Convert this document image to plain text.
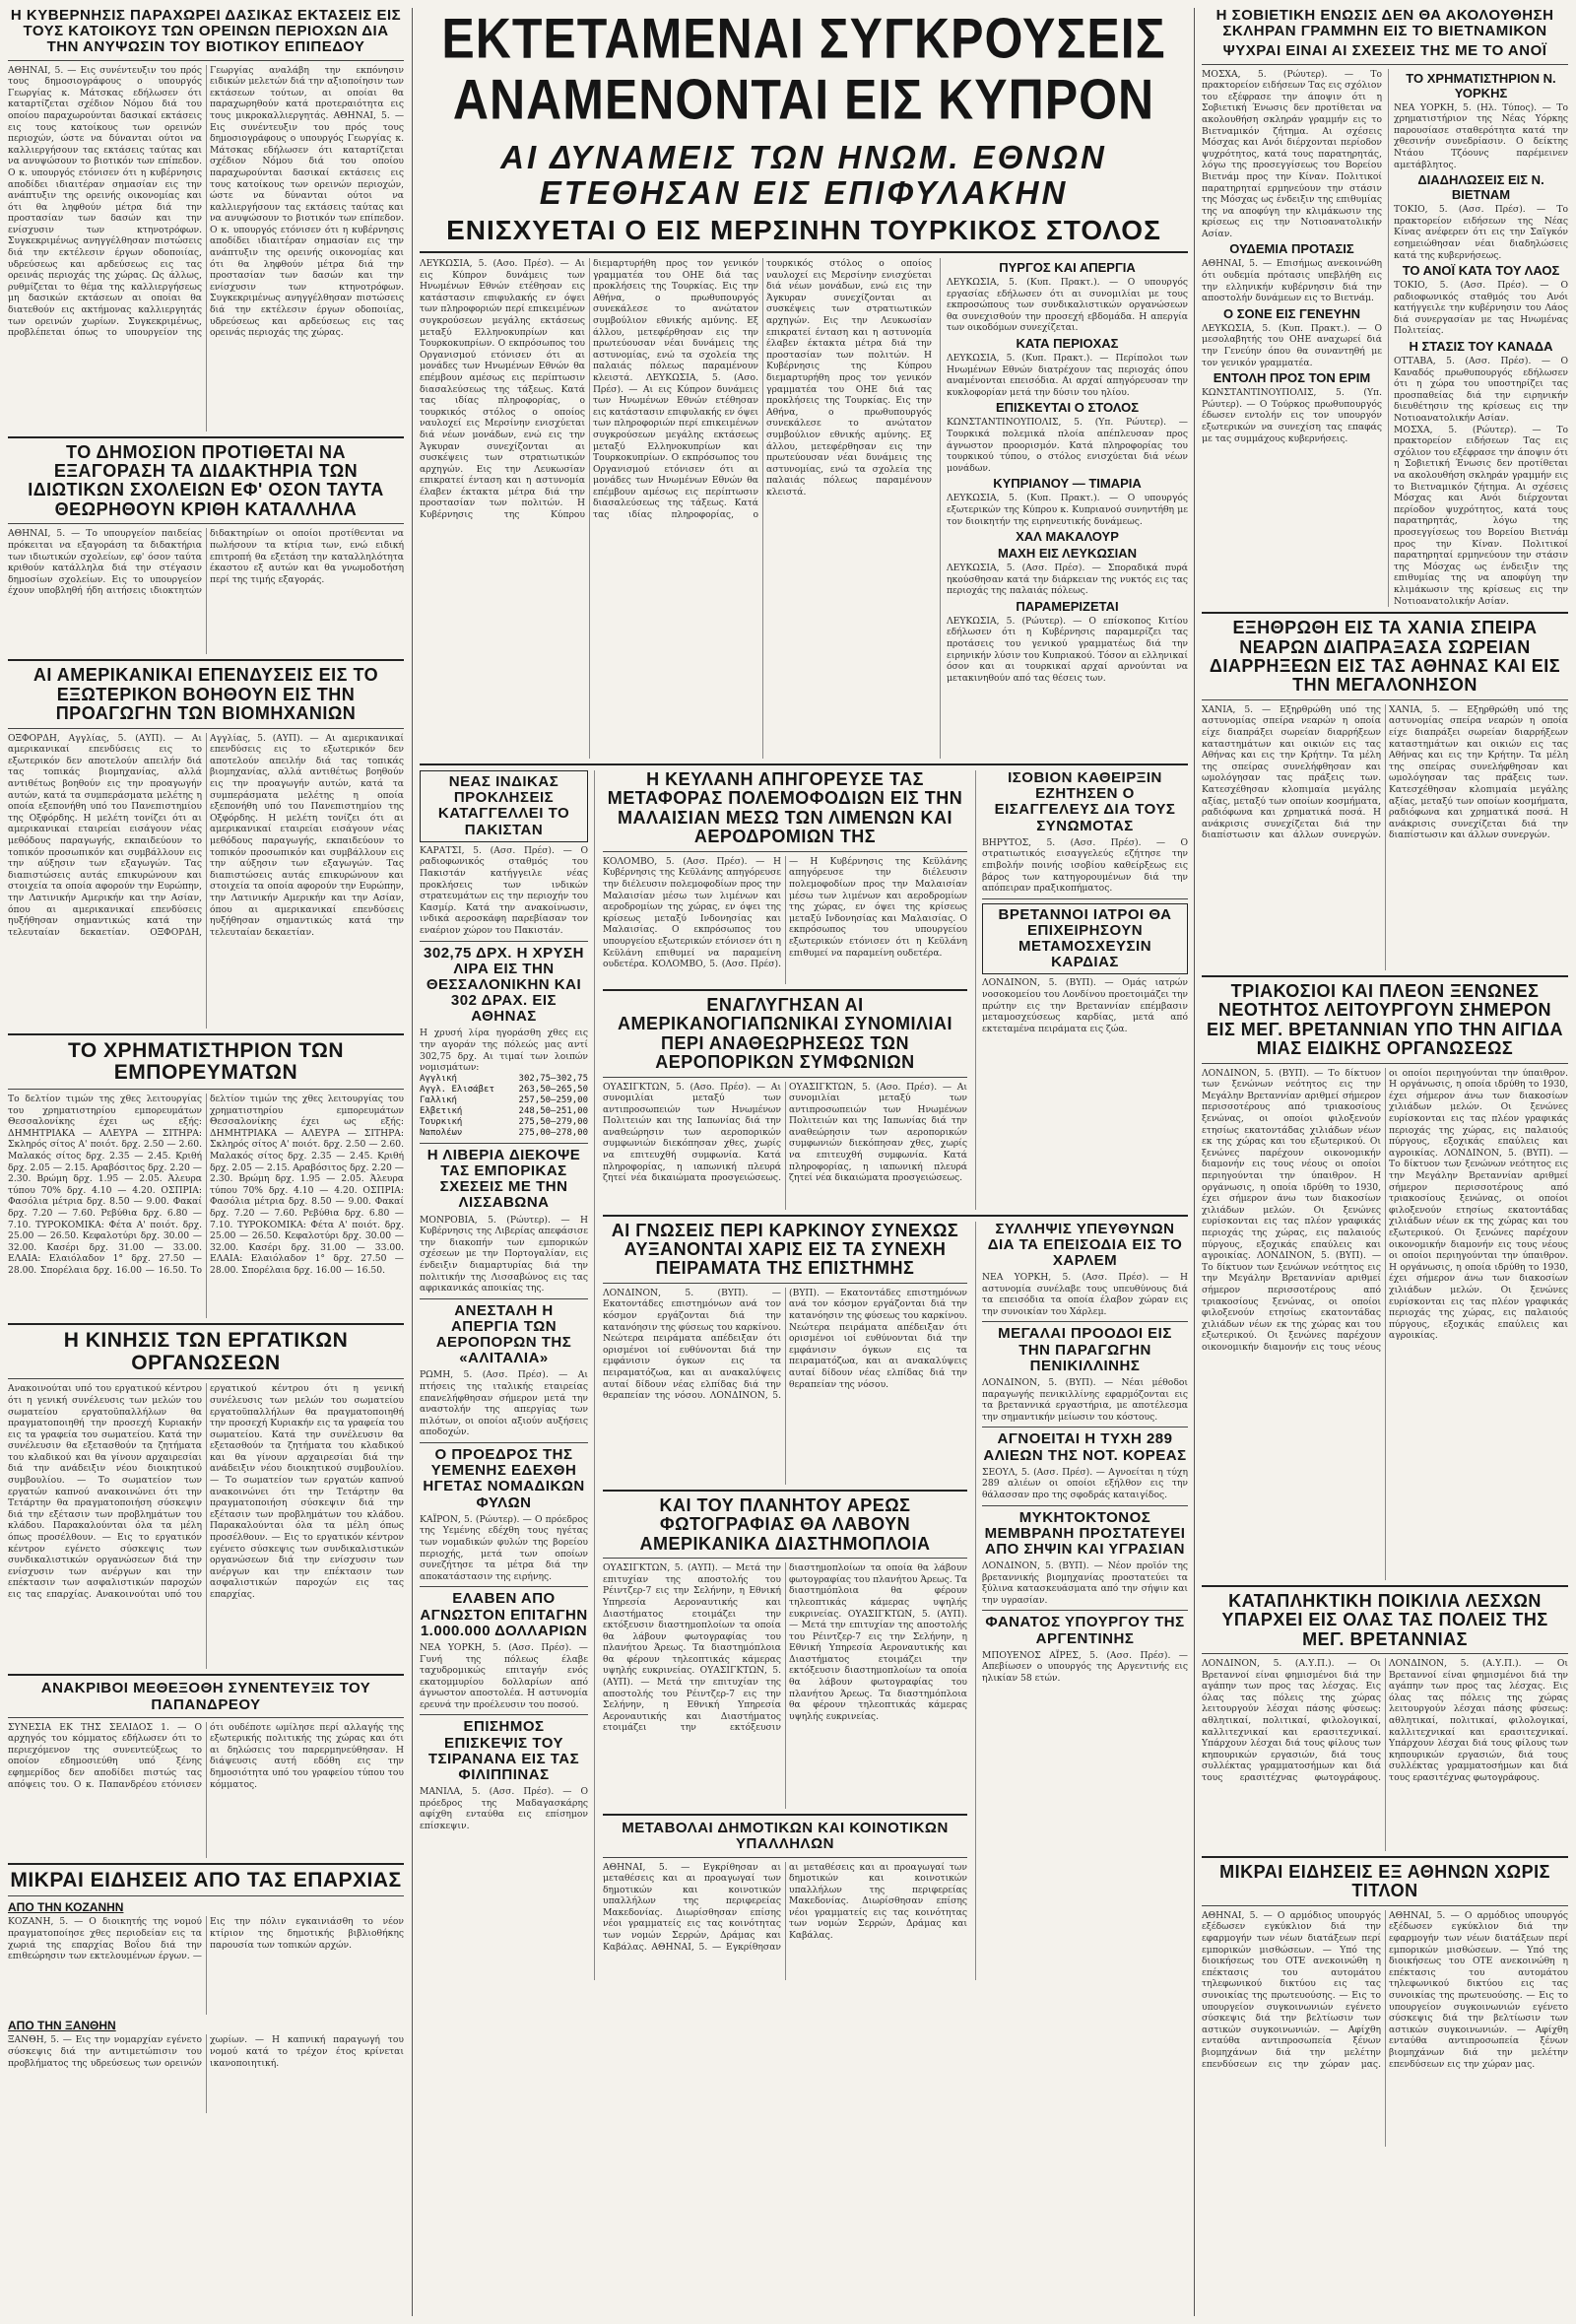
Η ΚΥΒΕΡΝΗΣΙΣ ΠΑΡΑΧΩΡΕΙ ΔΑΣΙΚΑΣ ΕΚΤΑΣΕΙΣ ΕΙΣ ΤΟΥΣ ΚΑΤΟΙΚΟΥΣ ΤΩΝ ΟΡΕΙΝΩΝ ΠΕΡΙΟΧΩΝ ΔΙΑ ΤΗΝ ΑΝΥΨΩΣΙΝ ΤΟΥ ΒΙΟΤΙΚΟΥ ΕΠΙΠΕΔΟΥ
ΑΘΗΝΑΙ, 5. — Εις συνέντευξιν του πρός τους δημοσιογράφους ο υπουργός Γεωργίας κ. Μάτσκας εδήλωσεν ότι καταρτίζεται σχέδιον Νόμου διά του οποίου παραχωρούνται δασικαί εκτάσεις εις τους κατοίκους των ορεινών περιοχών, ώστε να δύνανται ούτοι να καλλιεργήσουν τας εκτάσεις ταύτας και να ανυψώσουν το βιοτικόν των επίπεδον. Ο κ. υπουργός ετόνισεν ότι η κυβέρνησις αποδίδει ιδιαιτέραν σημασίαν εις την ανάπτυξιν της ορεινής οικονομίας και ότι θα ληφθούν μέτρα διά την προστασίαν των δασών και την ενίσχυσιν των κτηνοτρόφων. Συγκεκριμένως ανηγγέλθησαν πιστώσεις διά την εκτέλεσιν έργων οδοποιίας, υδρεύσεως και αρδεύσεως εις τας ορεινάς περιοχάς της χώρας. Ως άλλως, ρυθμίζεται το θέμα της καλλιεργήσεως μη δασικών εκτάσεων αι οποίαι θα διατεθούν εις ακτήμονας καλλιεργητάς των ορεινών χωρίων. Συγκεκριμένως, προβλέπεται όπως το υπουργείον της Γεωργίας αναλάβη την εκπόνησιν ειδικών μελετών διά την αξιοποίησιν των εκτάσεων τούτων, αι οποίαι θα παραχωρηθούν κατά προτεραιότητα εις τους μικροκαλλιεργητάς. ΑΘΗΝΑΙ, 5. — Εις συνέντευξιν του πρός τους δημοσιογράφους ο υπουργός Γεωργίας κ. Μάτσκας εδήλωσεν ότι καταρτίζεται σχέδιον Νόμου διά του οποίου παραχωρούνται δασικαί εκτάσεις εις τους κατοίκους των ορεινών περιοχών, ώστε να δύνανται ούτοι να καλλιεργήσουν τας εκτάσεις ταύτας και να ανυψώσουν το βιοτικόν των επίπεδον. Ο κ. υπουργός ετόνισεν ότι η κυβέρνησις αποδίδει ιδιαιτέραν σημασίαν εις την ανάπτυξιν της ορεινής οικονομίας και ότι θα ληφθούν μέτρα διά την προστασίαν των δασών και την ενίσχυσιν των κτηνοτρόφων. Συγκεκριμένως ανηγγέλθησαν πιστώσεις διά την εκτέλεσιν έργων οδοποιίας, υδρεύσεως και αρδεύσεως εις τας ορεινάς περιοχάς της χώρας.
ΤΟ ΔΗΜΟΣΙΟΝ ΠΡΟΤΙΘΕΤΑΙ ΝΑ ΕΞΑΓΟΡΑΣΗ ΤΑ ΔΙΔΑΚΤΗΡΙΑ ΤΩΝ ΙΔΙΩΤΙΚΩΝ ΣΧΟΛΕΙΩΝ ΕΦ' ΟΣΟΝ ΤΑΥΤΑ ΘΕΩΡΗΘΟΥΝ ΚΡΙΘΗ ΚΑΤΑΛΛΗΛΑ
ΑΘΗΝΑΙ, 5. — Το υπουργείον παιδείας πρόκειται να εξαγοράση τα διδακτήρια των ιδιωτικών σχολείων, εφ' όσον ταύτα κριθούν κατάλληλα διά την στέγασιν δημοσίων σχολείων. Εις το υπουργείον έχουν υποβληθή ήδη αιτήσεις ιδιοκτητών διδακτηρίων οι οποίοι προτίθενται να πωλήσουν τα κτίρια των, ενώ ειδική επιτροπή θα εξετάση την καταλληλότητα έκαστου εξ αυτών και θα γνωμοδοτήση περί της τιμής εξαγοράς.
ΑΙ ΑΜΕΡΙΚΑΝΙΚΑΙ ΕΠΕΝΔΥΣΕΙΣ ΕΙΣ ΤΟ ΕΞΩΤΕΡΙΚΟΝ ΒΟΗΘΟΥΝ ΕΙΣ ΤΗΝ ΠΡΟΑΓΩΓΗΝ ΤΩΝ ΒΙΟΜΗΧΑΝΙΩΝ
ΟΞΦΟΡΔΗ, Αγγλίας, 5. (ΑΥΠ). — Αι αμερικανικαί επενδύσεις εις το εξωτερικόν δεν αποτελούν απειλήν διά τας τοπικάς βιομηχανίας, αλλά αντιθέτως βοηθούν εις την προαγωγήν αυτών, κατά τα συμπεράσματα μελέτης η οποία εξεπονήθη υπό του Πανεπιστημίου της Οξφόρδης. Η μελέτη τονίζει ότι αι αμερικανικαί εταιρείαι εισάγουν νέας μεθόδους παραγωγής, εκπαιδεύουν το τοπικόν προσωπικόν και συμβάλλουν εις την αύξησιν των εξαγωγών. Τας διαπιστώσεις αυτάς επικυρώνουν και στοιχεία τα οποία αφορούν την Ευρώπην, την Λατινικήν Αμερικήν και την Ασίαν, όπου αι αμερικανικαί επενδύσεις ηυξήθησαν σημαντικώς κατά την τελευταίαν δεκαετίαν. ΟΞΦΟΡΔΗ, Αγγλίας, 5. (ΑΥΠ). — Αι αμερικανικαί επενδύσεις εις το εξωτερικόν δεν αποτελούν απειλήν διά τας τοπικάς βιομηχανίας, αλλά αντιθέτως βοηθούν εις την προαγωγήν αυτών, κατά τα συμπεράσματα μελέτης η οποία εξεπονήθη υπό του Πανεπιστημίου της Οξφόρδης. Η μελέτη τονίζει ότι αι αμερικανικαί εταιρείαι εισάγουν νέας μεθόδους παραγωγής, εκπαιδεύουν το τοπικόν προσωπικόν και συμβάλλουν εις την αύξησιν των εξαγωγών. Τας διαπιστώσεις αυτάς επικυρώνουν και στοιχεία τα οποία αφορούν την Ευρώπην, την Λατινικήν Αμερικήν και την Ασίαν, όπου αι αμερικανικαί επενδύσεις ηυξήθησαν σημαντικώς κατά την τελευταίαν δεκαετίαν.
ΤΟ ΧΡΗΜΑΤΙΣΤΗΡΙΟΝ ΤΩΝ ΕΜΠΟΡΕΥΜΑΤΩΝ
Το δελτίον τιμών της χθες λειτουργίας του χρηματιστηρίου εμπορευμάτων Θεσσαλονίκης έχει ως εξής: ΔΗΜΗΤΡΙΑΚΑ — ΑΛΕΥΡΑ — ΣΙΤΗΡΑ: Σκληρός σίτος Α' ποιότ. δρχ. 2.50 — 2.60. Μαλακός σίτος δρχ. 2.35 — 2.45. Κριθή δρχ. 2.05 — 2.15. Αραβόσιτος δρχ. 2.20 — 2.30. Βρώμη δρχ. 1.95 — 2.05. Άλευρα τύπου 70% δρχ. 4.10 — 4.20. ΟΣΠΡΙΑ: Φασόλια μέτρια δρχ. 8.50 — 9.00. Φακαί δρχ. 7.20 — 7.60. Ρεβύθια δρχ. 6.80 — 7.10. ΤΥΡΟΚΟΜΙΚΑ: Φέτα Α' ποιότ. δρχ. 25.00 — 26.50. Κεφαλοτύρι δρχ. 30.00 — 32.00. Κασέρι δρχ. 31.00 — 33.00. ΕΛΑΙΑ: Ελαιόλαδον 1° δρχ. 27.50 — 28.00. Σπορέλαια δρχ. 16.00 — 16.50. Το δελτίον τιμών της χθες λειτουργίας του χρηματιστηρίου εμπορευμάτων Θεσσαλονίκης έχει ως εξής: ΔΗΜΗΤΡΙΑΚΑ — ΑΛΕΥΡΑ — ΣΙΤΗΡΑ: Σκληρός σίτος Α' ποιότ. δρχ. 2.50 — 2.60. Μαλακός σίτος δρχ. 2.35 — 2.45. Κριθή δρχ. 2.05 — 2.15. Αραβόσιτος δρχ. 2.20 — 2.30. Βρώμη δρχ. 1.95 — 2.05. Άλευρα τύπου 70% δρχ. 4.10 — 4.20. ΟΣΠΡΙΑ: Φασόλια μέτρια δρχ. 8.50 — 9.00. Φακαί δρχ. 7.20 — 7.60. Ρεβύθια δρχ. 6.80 — 7.10. ΤΥΡΟΚΟΜΙΚΑ: Φέτα Α' ποιότ. δρχ. 25.00 — 26.50. Κεφαλοτύρι δρχ. 30.00 — 32.00. Κασέρι δρχ. 31.00 — 33.00. ΕΛΑΙΑ: Ελαιόλαδον 1° δρχ. 27.50 — 28.00. Σπορέλαια δρχ. 16.00 — 16.50.
Η ΚΙΝΗΣΙΣ ΤΩΝ ΕΡΓΑΤΙΚΩΝ ΟΡΓΑΝΩΣΕΩΝ
Ανακοινούται υπό του εργατικού κέντρου ότι η γενική συνέλευσις των μελών του σωματείου εργατοϋπαλλήλων θα πραγματοποιηθή την προσεχή Κυριακήν εις τα γραφεία του σωματείου. Κατά την συνέλευσιν θα εξετασθούν τα ζητήματα του κλαδικού και θα γίνουν αρχαιρεσίαι διά την ανάδειξιν νέου διοικητικού συμβουλίου. — Το σωματείον των εργατών καπνού ανακοινώνει ότι την Τετάρτην θα πραγματοποιήση σύσκεψιν διά την εξέτασιν των προβλημάτων του κλάδου. Παρακαλούνται όλα τα μέλη όπως προσέλθουν. — Εις το εργατικόν κέντρον εγένετο σύσκεψις των συνδικαλιστικών οργανώσεων διά την ενίσχυσιν των ανέργων και την επέκτασιν των ασφαλιστικών παροχών εις τας επαρχίας. Ανακοινούται υπό του εργατικού κέντρου ότι η γενική συνέλευσις των μελών του σωματείου εργατοϋπαλλήλων θα πραγματοποιηθή την προσεχή Κυριακήν εις τα γραφεία του σωματείου. Κατά την συνέλευσιν θα εξετασθούν τα ζητήματα του κλαδικού και θα γίνουν αρχαιρεσίαι διά την ανάδειξιν νέου διοικητικού συμβουλίου. — Το σωματείον των εργατών καπνού ανακοινώνει ότι την Τετάρτην θα πραγματοποιήση σύσκεψιν διά την εξέτασιν των προβλημάτων του κλάδου. Παρακαλούνται όλα τα μέλη όπως προσέλθουν. — Εις το εργατικόν κέντρον εγένετο σύσκεψις των συνδικαλιστικών οργανώσεων διά την ενίσχυσιν των ανέργων και την επέκτασιν των ασφαλιστικών παροχών εις τας επαρχίας.
ΑΝΑΚΡΙΒΟΙ ΜΕΘΕΞΟΘΗ ΣΥΝΕΝΤΕΥΞΙΣ ΤΟΥ ΠΑΠΑΝΔΡΕΟΥ
ΣΥΝΕΣΙΑ ΕΚ ΤΗΣ ΣΕΛΙΔΟΣ 1. — Ο αρχηγός του κόμματος εδήλωσεν ότι το περιεχόμενον της συνεντεύξεως το οποίον εδημοσιεύθη υπό ξένης εφημερίδος δεν αποδίδει πιστώς τας απόψεις του. Ο κ. Παπανδρέου ετόνισεν ότι ουδέποτε ωμίλησε περί αλλαγής της εξωτερικής πολιτικής της χώρας και ότι αι δηλώσεις του παρερμηνεύθησαν. Η διάψευσις αυτή εδόθη εις την δημοσιότητα υπό του γραφείου τύπου του κόμματος.
ΜΙΚΡΑΙ ΕΙΔΗΣΕΙΣ ΑΠΟ ΤΑΣ ΕΠΑΡΧΙΑΣ
ΑΠΟ ΤΗΝ ΚΟΖΑΝΗΝ
ΚΟΖΑΝΗ, 5. — Ο διοικητής της νομού πραγματοποίησε χθες περιοδείαν εις τα χωριά της επαρχίας Βοΐου διά την επιθεώρησιν των εκτελουμένων έργων. — Εις την πόλιν εγκαινιάσθη το νέον κτίριον της δημοτικής βιβλιοθήκης παρουσία των τοπικών αρχών.
ΑΠΟ ΤΗΝ ΞΑΝΘΗΝ
ΞΑΝΘΗ, 5. — Εις την νομαρχίαν εγένετο σύσκεψις διά την αντιμετώπισιν του προβλήματος της υδρεύσεως των ορεινών χωρίων. — Η καπνική παραγωγή του νομού κατά το τρέχον έτος κρίνεται ικανοποιητική.
ΕΚΤΕΤΑΜΕΝΑΙ ΣΥΓΚΡΟΥΣΕΙΣ
ΑΝΑΜΕΝΟΝΤΑΙ ΕΙΣ ΚΥΠΡΟΝ
ΑΙ ΔΥΝΑΜΕΙΣ ΤΩΝ ΗΝΩΜ. ΕΘΝΩΝ
ΕΤΕΘΗΣΑΝ ΕΙΣ ΕΠΙΦΥΛΑΚΗΝ
ΕΝΙΣΧΥΕΤΑΙ Ο ΕΙΣ ΜΕΡΣΙΝΗΝ ΤΟΥΡΚΙΚΟΣ ΣΤΟΛΟΣ
ΛΕΥΚΩΣΙΑ, 5. (Ασο. Πρέσ). — Αι εις Κύπρον δυνάμεις των Ηνωμένων Εθνών ετέθησαν εις κατάστασιν επιφυλακής εν όψει των πληροφοριών περί επικειμένων συγκρούσεων μεγάλης εκτάσεως μεταξύ Ελληνοκυπρίων και Τουρκοκυπρίων. Ο εκπρόσωπος του Οργανισμού ετόνισεν ότι αι μονάδες των Ηνωμένων Εθνών θα επέμβουν αμέσως εις περίπτωσιν διασαλεύσεως της τάξεως. Κατά τας ιδίας πληροφορίας, ο τουρκικός στόλος ο οποίος ναυλοχεί εις Μερσίνην ενισχύεται διά νέων μονάδων, ενώ εις την Άγκυραν συνεχίζονται αι συσκέψεις των στρατιωτικών αρχηγών. Εις την Λευκωσίαν επικρατεί ένταση και η αστυνομία έλαβεν έκτακτα μέτρα διά την προστασίαν των πολιτών. Η Κυβέρνησις της Κύπρου διεμαρτυρήθη προς τον γενικόν γραμματέα του ΟΗΕ διά τας προκλήσεις της Τουρκίας. Εις την Αθήνα, ο πρωθυπουργός συνεκάλεσε το ανώτατον συμβούλιον εθνικής αμύνης. Εξ άλλου, μετεφέρθησαν εις την πρωτεύουσαν νέαι δυνάμεις της αστυνομίας, ενώ τα σχολεία της παλαιάς πόλεως παραμένουν κλειστά. ΛΕΥΚΩΣΙΑ, 5. (Ασο. Πρέσ). — Αι εις Κύπρον δυνάμεις των Ηνωμένων Εθνών ετέθησαν εις κατάστασιν επιφυλακής εν όψει των πληροφοριών περί επικειμένων συγκρούσεων μεγάλης εκτάσεως μεταξύ Ελληνοκυπρίων και Τουρκοκυπρίων. Ο εκπρόσωπος του Οργανισμού ετόνισεν ότι αι μονάδες των Ηνωμένων Εθνών θα επέμβουν αμέσως εις περίπτωσιν διασαλεύσεως της τάξεως. Κατά τας ιδίας πληροφορίας, ο τουρκικός στόλος ο οποίος ναυλοχεί εις Μερσίνην ενισχύεται διά νέων μονάδων, ενώ εις την Άγκυραν συνεχίζονται αι συσκέψεις των στρατιωτικών αρχηγών. Εις την Λευκωσίαν επικρατεί ένταση και η αστυνομία έλαβεν έκτακτα μέτρα διά την προστασίαν των πολιτών. Η Κυβέρνησις της Κύπρου διεμαρτυρήθη προς τον γενικόν γραμματέα του ΟΗΕ διά τας προκλήσεις της Τουρκίας. Εις την Αθήνα, ο πρωθυπουργός συνεκάλεσε το ανώτατον συμβούλιον εθνικής αμύνης. Εξ άλλου, μετεφέρθησαν εις την πρωτεύουσαν νέαι δυνάμεις της αστυνομίας, ενώ τα σχολεία της παλαιάς πόλεως παραμένουν κλειστά.
ΠΥΡΓΟΣ ΚΑΙ ΑΠΕΡΓΙΑ
ΛΕΥΚΩΣΙΑ, 5. (Κυπ. Πρακτ.). — Ο υπουργός εργασίας εδήλωσεν ότι αι συνομιλίαι με τους εκπροσώπους των συνδικαλιστικών οργανώσεων θα συνεχισθούν την προσεχή εβδομάδα. Η απεργία των οικοδόμων συνεχίζεται.
ΚΑΤΑ ΠΕΡΙΟΧΑΣ
ΛΕΥΚΩΣΙΑ, 5. (Κυπ. Πρακτ.). — Περίπολοι των Ηνωμένων Εθνών διατρέχουν τας περιοχάς όπου αναμένονται επεισόδια. Αι αρχαί απηγόρευσαν την κυκλοφορίαν μετά την δύσιν του ηλίου.
ΕΠΙΣΚΕΥΤΑΙ Ο ΣΤΟΛΟΣ
ΚΩΝΣΤΑΝΤΙΝΟΥΠΟΛΙΣ, 5. (Υπ. Ρώυτερ). — Τουρκικά πολεμικά πλοία απέπλευσαν προς άγνωστον προορισμόν. Κατά πληροφορίας του τουρκικού τύπου, ο στόλος ενισχύεται διά νέων μονάδων.
ΚΥΠΡΙΑΝΟΥ — ΤΙΜΑΡΙΑ
ΛΕΥΚΩΣΙΑ, 5. (Κυπ. Πρακτ.). — Ο υπουργός εξωτερικών της Κύπρου κ. Κυπριανού συνηντήθη με τον διοικητήν της ειρηνευτικής δυνάμεως.
ΧΑΛ ΜΑΚΑΛΟΥΡ
ΜΑΧΗ ΕΙΣ ΛΕΥΚΩΣΙΑΝ
ΛΕΥΚΩΣΙΑ, 5. (Ασσ. Πρέσ). — Σποραδικά πυρά ηκούσθησαν κατά την διάρκειαν της νυκτός εις τας περιοχάς της παλαιάς πόλεως.
ΠΑΡΑΜΕΡΙΖΕΤΑΙ
ΛΕΥΚΩΣΙΑ, 5. (Ρώυτερ). — Ο επίσκοπος Κιτίου εδήλωσεν ότι η Κυβέρνησις παραμερίζει τας προτάσεις του γενικού γραμματέως διά την ειρηνικήν λύσιν του Κυπριακού. Τόσον αι ελληνικαί όσον και αι τουρκικαί αρχαί αρνούνται να μετακινηθούν από τας θέσεις των.
ΝΕΑΣ ΙΝΔΙΚΑΣ ΠΡΟΚΛΗΣΕΙΣ ΚΑΤΑΓΓΕΛΛΕΙ ΤΟ ΠΑΚΙΣΤΑΝ
ΚΑΡΑΤΣΙ, 5. (Ασσ. Πρέσ). — Ο ραδιοφωνικός σταθμός του Πακιστάν κατήγγειλε νέας προκλήσεις των ινδικών στρατευμάτων εις την περιοχήν του Κασμίρ. Κατά την ανακοίνωσιν, ινδικά αεροσκάφη παρεβίασαν τον εναέριον χώρον του Πακιστάν.
302,75 ΔΡΧ. Η ΧΡΥΣΗ ΛΙΡΑ ΕΙΣ ΤΗΝ ΘΕΣΣΑΛΟΝΙΚΗΝ ΚΑΙ 302 ΔΡΑΧ. ΕΙΣ ΑΘΗΝΑΣ
Η χρυσή λίρα ηγοράσθη χθες εις την αγοράν της πόλεώς μας αντί 302,75 δρχ. Αι τιμαί των λοιπών νομισμάτων:
Αγγλική	302,75—302,75
Αγγλ. Ελισάβετ	263,50—265,50
Γαλλική	257,50—259,00
Ελβετική	248,50—251,00
Τουρκική	275,50—279,00
Ναπολέων	275,00—278,00
Η ΛΙΒΕΡΙΑ ΔΙΕΚΟΨΕ ΤΑΣ ΕΜΠΟΡΙΚΑΣ ΣΧΕΣΕΙΣ ΜΕ ΤΗΝ ΛΙΣΣΑΒΩΝΑ
ΜΟΝΡΟΒΙΑ, 5. (Ρώυτερ). — Η Κυβέρνησις της Λιβερίας απεφάσισε την διακοπήν των εμπορικών σχέσεων με την Πορτογαλίαν, εις ένδειξιν διαμαρτυρίας διά την πολιτικήν της Λισσαβώνος εις τας αφρικανικάς αποικίας της.
ΑΝΕΣΤΑΛΗ Η ΑΠΕΡΓΙΑ ΤΩΝ ΑΕΡΟΠΟΡΩΝ ΤΗΣ «ΑΛΙΤΑΛΙΑ»
ΡΩΜΗ, 5. (Ασσ. Πρέσ). — Αι πτήσεις της ιταλικής εταιρείας επανελήφθησαν σήμερον μετά την αναστολήν της απεργίας των πιλότων, οι οποίοι αξιούν αυξήσεις αποδοχών.
Ο ΠΡΟΕΔΡΟΣ ΤΗΣ ΥΕΜΕΝΗΣ ΕΔΕΧΘΗ ΗΓΕΤΑΣ ΝΟΜΑΔΙΚΩΝ ΦΥΛΩΝ
ΚΑΪΡΟΝ, 5. (Ρώυτερ). — Ο πρόεδρος της Υεμένης εδέχθη τους ηγέτας των νομαδικών φυλών της βορείου περιοχής, μετά των οποίων συνεζήτησε τα μέτρα διά την αποκατάστασιν της ειρήνης.
ΕΛΑΒΕΝ ΑΠΟ ΑΓΝΩΣΤΟΝ ΕΠΙΤΑΓΗΝ 1.000.000 ΔΟΛΛΑΡΙΩΝ
ΝΕΑ ΥΟΡΚΗ, 5. (Ασσ. Πρέσ). — Γυνή της πόλεως έλαβε ταχυδρομικώς επιταγήν ενός εκατομμυρίου δολλαρίων από άγνωστον αποστολέα. Η αστυνομία ερευνά την προέλευσιν του ποσού.
ΕΠΙΣΗΜΟΣ ΕΠΙΣΚΕΨΙΣ ΤΟΥ ΤΣΙΡΑΝΑΝΑ ΕΙΣ ΤΑΣ ΦΙΛΙΠΠΙΝΑΣ
ΜΑΝΙΛΑ, 5. (Ασσ. Πρέσ). — Ο πρόεδρος της Μαδαγασκάρης αφίχθη ενταύθα εις επίσημον επίσκεψιν.
Η ΚΕΥΛΑΝΗ ΑΠΗΓΟΡΕΥΣΕ ΤΑΣ ΜΕΤΑΦΟΡΑΣ ΠΟΛΕΜΟΦΟΔΙΩΝ ΕΙΣ ΤΗΝ ΜΑΛΑΙΣΙΑΝ ΜΕΣΩ ΤΩΝ ΛΙΜΕΝΩΝ ΚΑΙ ΑΕΡΟΔΡΟΜΙΩΝ ΤΗΣ
ΚΟΛΟΜΒΟ, 5. (Ασσ. Πρέσ). — Η Κυβέρνησις της Κεϋλάνης απηγόρευσε την διέλευσιν πολεμοφοδίων προς την Μαλαισίαν μέσω των λιμένων και αεροδρομίων της χώρας, εν όψει της κρίσεως μεταξύ Ινδονησίας και Μαλαισίας. Ο εκπρόσωπος του υπουργείου εξωτερικών ετόνισεν ότι η Κεϋλάνη επιθυμεί να παραμείνη ουδετέρα. ΚΟΛΟΜΒΟ, 5. (Ασσ. Πρέσ). — Η Κυβέρνησις της Κεϋλάνης απηγόρευσε την διέλευσιν πολεμοφοδίων προς την Μαλαισίαν μέσω των λιμένων και αεροδρομίων της χώρας, εν όψει της κρίσεως μεταξύ Ινδονησίας και Μαλαισίας. Ο εκπρόσωπος του υπουργείου εξωτερικών ετόνισεν ότι η Κεϋλάνη επιθυμεί να παραμείνη ουδετέρα.
ΕΝΑΓΛΥΓΗΣΑΝ ΑΙ ΑΜΕΡΙΚΑΝΟΓΙΑΠΩΝΙΚΑΙ ΣΥΝΟΜΙΛΙΑΙ ΠΕΡΙ ΑΝΑΘΕΩΡΗΣΕΩΣ ΤΩΝ ΑΕΡΟΠΟΡΙΚΩΝ ΣΥΜΦΩΝΙΩΝ
ΟΥΑΣΙΓΚΤΩΝ, 5. (Ασο. Πρέσ). — Αι συνομιλίαι μεταξύ των αντιπροσωπειών των Ηνωμένων Πολιτειών και της Ιαπωνίας διά την αναθεώρησιν των αεροπορικών συμφωνιών διεκόπησαν χθες, χωρίς να επιτευχθή συμφωνία. Κατά πληροφορίας, η ιαπωνική πλευρά ζητεί νέα δικαιώματα προσγειώσεως. ΟΥΑΣΙΓΚΤΩΝ, 5. (Ασο. Πρέσ). — Αι συνομιλίαι μεταξύ των αντιπροσωπειών των Ηνωμένων Πολιτειών και της Ιαπωνίας διά την αναθεώρησιν των αεροπορικών συμφωνιών διεκόπησαν χθες, χωρίς να επιτευχθή συμφωνία. Κατά πληροφορίας, η ιαπωνική πλευρά ζητεί νέα δικαιώματα προσγειώσεως.
ΙΣΟΒΙΟΝ ΚΑΘΕΙΡΞΙΝ ΕΖΗΤΗΣΕΝ Ο ΕΙΣΑΓΓΕΛΕΥΣ ΔΙΑ ΤΟΥΣ ΣΥΝΩΜΟΤΑΣ
ΒΗΡΥΤΟΣ, 5. (Ασσ. Πρέσ). — Ο στρατιωτικός εισαγγελεύς εζήτησε την επιβολήν ποινής ισοβίου καθείρξεως εις βάρος των κατηγορουμένων διά την απόπειραν πραξικοπήματος.
ΒΡΕΤΑΝΝΟΙ ΙΑΤΡΟΙ ΘΑ ΕΠΙΧΕΙΡΗΣΟΥΝ ΜΕΤΑΜΟΣΧΕΥΣΙΝ ΚΑΡΔΙΑΣ
ΛΟΝΔΙΝΟΝ, 5. (ΒΥΠ). — Ομάς ιατρών νοσοκομείου του Λονδίνου προετοιμάζει την πρώτην εις την Βρεταννίαν επέμβασιν μεταμοσχεύσεως καρδίας, μετά από εκτεταμένα πειράματα εις ζώα.
ΑΙ ΓΝΩΣΕΙΣ ΠΕΡΙ ΚΑΡΚΙΝΟΥ ΣΥΝΕΧΩΣ ΑΥΞΑΝΟΝΤΑΙ ΧΑΡΙΣ ΕΙΣ ΤΑ ΣΥΝΕΧΗ ΠΕΙΡΑΜΑΤΑ ΤΗΣ ΕΠΙΣΤΗΜΗΣ
ΛΟΝΔΙΝΟΝ, 5. (ΒΥΠ). — Εκατοντάδες επιστημόνων ανά τον κόσμον εργάζονται διά την κατανόησιν της φύσεως του καρκίνου. Νεώτερα πειράματα απέδειξαν ότι ορισμένοι ιοί ευθύνονται διά την εμφάνισιν όγκων εις τα πειραματόζωα, και αι ανακαλύψεις αυταί δίδουν νέας ελπίδας διά την θεραπείαν της νόσου. ΛΟΝΔΙΝΟΝ, 5. (ΒΥΠ). — Εκατοντάδες επιστημόνων ανά τον κόσμον εργάζονται διά την κατανόησιν της φύσεως του καρκίνου. Νεώτερα πειράματα απέδειξαν ότι ορισμένοι ιοί ευθύνονται διά την εμφάνισιν όγκων εις τα πειραματόζωα, και αι ανακαλύψεις αυταί δίδουν νέας ελπίδας διά την θεραπείαν της νόσου.
ΚΑΙ ΤΟΥ ΠΛΑΝΗΤΟΥ ΑΡΕΩΣ ΦΩΤΟΓΡΑΦΙΑΣ ΘΑ ΛΑΒΟΥΝ ΑΜΕΡΙΚΑΝΙΚΑ ΔΙΑΣΤΗΜΟΠΛΟΙΑ
ΟΥΑΣΙΓΚΤΩΝ, 5. (ΑΥΠ). — Μετά την επιτυχίαν της αποστολής του Ρέιντζερ-7 εις την Σελήνην, η Εθνική Υπηρεσία Αεροναυτικής και Διαστήματος ετοιμάζει την εκτόξευσιν διαστημοπλοίων τα οποία θα λάβουν φωτογραφίας του πλανήτου Άρεως. Τα διαστημόπλοια θα φέρουν τηλεοπτικάς κάμερας υψηλής ευκρινείας. ΟΥΑΣΙΓΚΤΩΝ, 5. (ΑΥΠ). — Μετά την επιτυχίαν της αποστολής του Ρέιντζερ-7 εις την Σελήνην, η Εθνική Υπηρεσία Αεροναυτικής και Διαστήματος ετοιμάζει την εκτόξευσιν διαστημοπλοίων τα οποία θα λάβουν φωτογραφίας του πλανήτου Άρεως. Τα διαστημόπλοια θα φέρουν τηλεοπτικάς κάμερας υψηλής ευκρινείας. ΟΥΑΣΙΓΚΤΩΝ, 5. (ΑΥΠ). — Μετά την επιτυχίαν της αποστολής του Ρέιντζερ-7 εις την Σελήνην, η Εθνική Υπηρεσία Αεροναυτικής και Διαστήματος ετοιμάζει την εκτόξευσιν διαστημοπλοίων τα οποία θα λάβουν φωτογραφίας του πλανήτου Άρεως. Τα διαστημόπλοια θα φέρουν τηλεοπτικάς κάμερας υψηλής ευκρινείας.
ΜΕΤΑΒΟΛΑΙ ΔΗΜΟΤΙΚΩΝ ΚΑΙ ΚΟΙΝΟΤΙΚΩΝ ΥΠΑΛΛΗΛΩΝ
ΑΘΗΝΑΙ, 5. — Εγκρίθησαν αι μεταθέσεις και αι προαγωγαί των δημοτικών και κοινοτικών υπαλλήλων της περιφερείας Μακεδονίας. Διωρίσθησαν επίσης νέοι γραμματείς εις τας κοινότητας των νομών Σερρών, Δράμας και Καβάλας. ΑΘΗΝΑΙ, 5. — Εγκρίθησαν αι μεταθέσεις και αι προαγωγαί των δημοτικών και κοινοτικών υπαλλήλων της περιφερείας Μακεδονίας. Διωρίσθησαν επίσης νέοι γραμματείς εις τας κοινότητας των νομών Σερρών, Δράμας και Καβάλας.
ΣΥΛΛΗΨΙΣ ΥΠΕΥΘΥΝΩΝ ΔΙΑ ΤΑ ΕΠΕΙΣΟΔΙΑ ΕΙΣ ΤΟ ΧΑΡΛΕΜ
ΝΕΑ ΥΟΡΚΗ, 5. (Ασσ. Πρέσ). — Η αστυνομία συνέλαβε τους υπευθύνους διά τα επεισόδια τα οποία έλαβον χώραν εις την συνοικίαν του Χάρλεμ.
ΜΕΓΑΛΑΙ ΠΡΟΟΔΟΙ ΕΙΣ ΤΗΝ ΠΑΡΑΓΩΓΗΝ ΠΕΝΙΚΙΛΛΙΝΗΣ
ΛΟΝΔΙΝΟΝ, 5. (ΒΥΠ). — Νέαι μέθοδοι παραγωγής πενικιλλίνης εφαρμόζονται εις τα βρεταννικά εργαστήρια, με αποτέλεσμα την σημαντικήν μείωσιν του κόστους.
ΑΓΝΟΕΙΤΑΙ Η ΤΥΧΗ 289 ΑΛΙΕΩΝ ΤΗΣ ΝΟΤ. ΚΟΡΕΑΣ
ΣΕΟΥΛ, 5. (Ασσ. Πρέσ). — Αγνοείται η τύχη 289 αλιέων οι οποίοι εξήλθον εις την θάλασσαν προ της σφοδράς καταιγίδος.
ΜΥΚΗΤΟΚΤΟΝΟΣ ΜΕΜΒΡΑΝΗ ΠΡΟΣΤΑΤΕΥΕΙ ΑΠΟ ΣΗΨΙΝ ΚΑΙ ΥΓΡΑΣΙΑΝ
ΛΟΝΔΙΝΟΝ, 5. (ΒΥΠ). — Νέον προϊόν της βρεταννικής βιομηχανίας προστατεύει τα ξύλινα κατασκευάσματα από την σήψιν και την υγρασίαν.
ΦΑΝΑΤΟΣ ΥΠΟΥΡΓΟΥ ΤΗΣ ΑΡΓΕΝΤΙΝΗΣ
ΜΠΟΥΕΝΟΣ ΑΪΡΕΣ, 5. (Ασσ. Πρέσ). — Απεβίωσεν ο υπουργός της Αργεντινής εις ηλικίαν 58 ετών.
Η ΣΟΒΙΕΤΙΚΗ ΕΝΩΣΙΣ ΔΕΝ ΘΑ ΑΚΟΛΟΥΘΗΣΗ ΣΚΛΗΡΑΝ ΓΡΑΜΜΗΝ ΕΙΣ ΤΟ ΒΙΕΤΝΑΜΙΚΟΝ
ΨΥΧΡΑΙ ΕΙΝΑΙ ΑΙ ΣΧΕΣΕΙΣ ΤΗΣ ΜΕ ΤΟ ΑΝΟΪ
ΜΟΣΧΑ, 5. (Ρώυτερ). — Το πρακτορείον ειδήσεων Τας εις σχόλιον του εξέφρασε την άποψιν ότι η Σοβιετική Ένωσις δεν προτίθεται να ακολουθήση σκληράν γραμμήν εις το Βιετναμικόν ζήτημα. Αι σχέσεις Μόσχας και Ανόι διέρχονται περίοδον ψυχρότητος, κατά τους παρατηρητάς, λόγω της προσεγγίσεως του Βορείου Βιετνάμ προς την Κίναν. Πολιτικοί παρατηρηταί ερμηνεύουν την στάσιν της Μόσχας ως ένδειξιν της επιθυμίας της να αποφύγη την κλιμάκωσιν της κρίσεως εις την Νοτιοανατολικήν Ασίαν.
ΟΥΔΕΜΙΑ ΠΡΟΤΑΣΙΣ
ΑΘΗΝΑΙ, 5. — Επισήμως ανεκοινώθη ότι ουδεμία πρότασις υπεβλήθη εις την ελληνικήν κυβέρνησιν διά την αποστολήν δυνάμεων εις το Βιετνάμ.
Ο ΣΟΝΕ ΕΙΣ ΓΕΝΕΥΗΝ
ΛΕΥΚΩΣΙΑ, 5. (Κυπ. Πρακτ.). — Ο μεσολαβητής του ΟΗΕ αναχωρεί διά την Γενεύην όπου θα συναντηθή με τον γενικόν γραμματέα.
ΕΝΤΟΛΗ ΠΡΟΣ ΤΟΝ ΕΡΙΜ
ΚΩΝΣΤΑΝΤΙΝΟΥΠΟΛΙΣ, 5. (Υπ. Ρώυτερ). — Ο Τούρκος πρωθυπουργός έδωσεν εντολήν εις τον υπουργόν εξωτερικών να συνεχίση τας επαφάς με τας συμμάχους κυβερνήσεις.
ΤΟ ΧΡΗΜΑΤΙΣΤΗΡΙΟΝ Ν. ΥΟΡΚΗΣ
ΝΕΑ ΥΟΡΚΗ, 5. (Ηλ. Τύπος). — Το χρηματιστήριον της Νέας Υόρκης παρουσίασε σταθερότητα κατά την χθεσινήν συνεδρίασιν. Ο δείκτης Ντάου Τζόουνς παρέμεινεν αμετάβλητος.
ΔΙΑΔΗΛΩΣΕΙΣ ΕΙΣ Ν. ΒΙΕΤΝΑΜ
ΤΟΚΙΟ, 5. (Ασσ. Πρέσ). — Το πρακτορείον ειδήσεων της Νέας Κίνας ανέφερεν ότι εις την Σαϊγκόν εσημειώθησαν νέαι διαδηλώσεις κατά της κυβερνήσεως.
ΤΟ ΑΝΟΪ ΚΑΤΑ ΤΟΥ ΛΑΟΣ
ΤΟΚΙΟ, 5. (Ασσ. Πρέσ). — Ο ραδιοφωνικός σταθμός του Ανόι κατήγγειλε την κυβέρνησιν του Λάος διά συνεργασίαν με τας Ηνωμένας Πολιτείας.
Η ΣΤΑΣΙΣ ΤΟΥ ΚΑΝΑΔΑ
ΟΤΤΑΒΑ, 5. (Ασσ. Πρέσ). — Ο Καναδός πρωθυπουργός εδήλωσεν ότι η χώρα του υποστηρίζει τας προσπαθείας διά την ειρηνικήν διευθέτησιν της κρίσεως εις την Νοτιοανατολικήν Ασίαν.
ΜΟΣΧΑ, 5. (Ρώυτερ). — Το πρακτορείον ειδήσεων Τας εις σχόλιον του εξέφρασε την άποψιν ότι η Σοβιετική Ένωσις δεν προτίθεται να ακολουθήση σκληράν γραμμήν εις το Βιετναμικόν ζήτημα. Αι σχέσεις Μόσχας και Ανόι διέρχονται περίοδον ψυχρότητος, κατά τους παρατηρητάς, λόγω της προσεγγίσεως του Βορείου Βιετνάμ προς την Κίναν. Πολιτικοί παρατηρηταί ερμηνεύουν την στάσιν της Μόσχας ως ένδειξιν της επιθυμίας της να αποφύγη την κλιμάκωσιν της κρίσεως εις την Νοτιοανατολικήν Ασίαν.
ΕΞΗΘΡΩΘΗ ΕΙΣ ΤΑ ΧΑΝΙΑ ΣΠΕΙΡΑ ΝΕΑΡΩΝ ΔΙΑΠΡΑΞΑΣΑ ΣΩΡΕΙΑΝ ΔΙΑΡΡΗΞΕΩΝ ΕΙΣ ΤΑΣ ΑΘΗΝΑΣ ΚΑΙ ΕΙΣ ΤΗΝ ΜΕΓΑΛΟΝΗΣΟΝ
ΧΑΝΙΑ, 5. — Εξηρθρώθη υπό της αστυνομίας σπείρα νεαρών η οποία είχε διαπράξει σωρείαν διαρρήξεων καταστημάτων και οικιών εις τας Αθήνας και εις την Κρήτην. Τα μέλη της σπείρας συνελήφθησαν και ωμολόγησαν τας πράξεις των. Κατεσχέθησαν κλοπιμαία μεγάλης αξίας, μεταξύ των οποίων κοσμήματα, ραδιόφωνα και χρηματικά ποσά. Η ανάκρισις συνεχίζεται διά την διαπίστωσιν και άλλων συνεργών. ΧΑΝΙΑ, 5. — Εξηρθρώθη υπό της αστυνομίας σπείρα νεαρών η οποία είχε διαπράξει σωρείαν διαρρήξεων καταστημάτων και οικιών εις τας Αθήνας και εις την Κρήτην. Τα μέλη της σπείρας συνελήφθησαν και ωμολόγησαν τας πράξεις των. Κατεσχέθησαν κλοπιμαία μεγάλης αξίας, μεταξύ των οποίων κοσμήματα, ραδιόφωνα και χρηματικά ποσά. Η ανάκρισις συνεχίζεται διά την διαπίστωσιν και άλλων συνεργών.
ΤΡΙΑΚΟΣΙΟΙ ΚΑΙ ΠΛΕΟΝ ΞΕΝΩΝΕΣ ΝΕΟΤΗΤΟΣ ΛΕΙΤΟΥΡΓΟΥΝ ΣΗΜΕΡΟΝ ΕΙΣ ΜΕΓ. ΒΡΕΤΑΝΝΙΑΝ ΥΠΟ ΤΗΝ ΑΙΓΙΔΑ ΜΙΑΣ ΕΙΔΙΚΗΣ ΟΡΓΑΝΩΣΕΩΣ
ΛΟΝΔΙΝΟΝ, 5. (ΒΥΠ). — Το δίκτυον των ξενώνων νεότητος εις την Μεγάλην Βρεταννίαν αριθμεί σήμερον περισσοτέρους από τριακοσίους ξενώνας, οι οποίοι φιλοξενούν ετησίως εκατοντάδας χιλιάδων νέων εκ της χώρας και του εξωτερικού. Οι ξενώνες παρέχουν οικονομικήν διαμονήν εις τους νέους οι οποίοι περιηγούνται την ύπαιθρον. Η οργάνωσις, η οποία ιδρύθη το 1930, έχει σήμερον άνω των διακοσίων χιλιάδων μελών. Οι ξενώνες ευρίσκονται εις τας πλέον γραφικάς περιοχάς της χώρας, εις παλαιούς πύργους, εξοχικάς επαύλεις και αγροικίας. ΛΟΝΔΙΝΟΝ, 5. (ΒΥΠ). — Το δίκτυον των ξενώνων νεότητος εις την Μεγάλην Βρεταννίαν αριθμεί σήμερον περισσοτέρους από τριακοσίους ξενώνας, οι οποίοι φιλοξενούν ετησίως εκατοντάδας χιλιάδων νέων εκ της χώρας και του εξωτερικού. Οι ξενώνες παρέχουν οικονομικήν διαμονήν εις τους νέους οι οποίοι περιηγούνται την ύπαιθρον. Η οργάνωσις, η οποία ιδρύθη το 1930, έχει σήμερον άνω των διακοσίων χιλιάδων μελών. Οι ξενώνες ευρίσκονται εις τας πλέον γραφικάς περιοχάς της χώρας, εις παλαιούς πύργους, εξοχικάς επαύλεις και αγροικίας. ΛΟΝΔΙΝΟΝ, 5. (ΒΥΠ). — Το δίκτυον των ξενώνων νεότητος εις την Μεγάλην Βρεταννίαν αριθμεί σήμερον περισσοτέρους από τριακοσίους ξενώνας, οι οποίοι φιλοξενούν ετησίως εκατοντάδας χιλιάδων νέων εκ της χώρας και του εξωτερικού. Οι ξενώνες παρέχουν οικονομικήν διαμονήν εις τους νέους οι οποίοι περιηγούνται την ύπαιθρον. Η οργάνωσις, η οποία ιδρύθη το 1930, έχει σήμερον άνω των διακοσίων χιλιάδων μελών. Οι ξενώνες ευρίσκονται εις τας πλέον γραφικάς περιοχάς της χώρας, εις παλαιούς πύργους, εξοχικάς επαύλεις και αγροικίας.
ΚΑΤΑΠΛΗΚΤΙΚΗ ΠΟΙΚΙΛΙΑ ΛΕΣΧΩΝ ΥΠΑΡΧΕΙ ΕΙΣ ΟΛΑΣ ΤΑΣ ΠΟΛΕΙΣ ΤΗΣ ΜΕΓ. ΒΡΕΤΑΝΝΙΑΣ
ΛΟΝΔΙΝΟΝ, 5. (Α.Υ.Π.). — Οι Βρεταννοί είναι φημισμένοι διά την αγάπην των προς τας λέσχας. Εις όλας τας πόλεις της χώρας λειτουργούν λέσχαι πάσης φύσεως: αθλητικαί, πολιτικαί, φιλολογικαί, καλλιτεχνικαί και ερασιτεχνικαί. Υπάρχουν λέσχαι διά τους φίλους των κηπουρικών εργασιών, διά τους συλλέκτας γραμματοσήμων και διά τους ερασιτέχνας φωτογράφους. ΛΟΝΔΙΝΟΝ, 5. (Α.Υ.Π.). — Οι Βρεταννοί είναι φημισμένοι διά την αγάπην των προς τας λέσχας. Εις όλας τας πόλεις της χώρας λειτουργούν λέσχαι πάσης φύσεως: αθλητικαί, πολιτικαί, φιλολογικαί, καλλιτεχνικαί και ερασιτεχνικαί. Υπάρχουν λέσχαι διά τους φίλους των κηπουρικών εργασιών, διά τους συλλέκτας γραμματοσήμων και διά τους ερασιτέχνας φωτογράφους.
ΜΙΚΡΑΙ ΕΙΔΗΣΕΙΣ ΕΞ ΑΘΗΝΩΝ ΧΩΡΙΣ ΤΙΤΛΟΝ
ΑΘΗΝΑΙ, 5. — Ο αρμόδιος υπουργός εξέδωσεν εγκύκλιον διά την εφαρμογήν των νέων διατάξεων περί εμπορικών μισθώσεων. — Υπό της διοικήσεως του ΟΤΕ ανεκοινώθη η επέκτασις του αυτομάτου τηλεφωνικού δικτύου εις τας συνοικίας της πρωτευούσης. — Εις το υπουργείον συγκοινωνιών εγένετο σύσκεψις διά την βελτίωσιν των αστικών συγκοινωνιών. — Αφίχθη ενταύθα αντιπροσωπεία ξένων βιομηχάνων διά την μελέτην επενδύσεων εις την χώραν μας. ΑΘΗΝΑΙ, 5. — Ο αρμόδιος υπουργός εξέδωσεν εγκύκλιον διά την εφαρμογήν των νέων διατάξεων περί εμπορικών μισθώσεων. — Υπό της διοικήσεως του ΟΤΕ ανεκοινώθη η επέκτασις του αυτομάτου τηλεφωνικού δικτύου εις τας συνοικίας της πρωτευούσης. — Εις το υπουργείον συγκοινωνιών εγένετο σύσκεψις διά την βελτίωσιν των αστικών συγκοινωνιών. — Αφίχθη ενταύθα αντιπροσωπεία ξένων βιομηχάνων διά την μελέτην επενδύσεων εις την χώραν μας.
